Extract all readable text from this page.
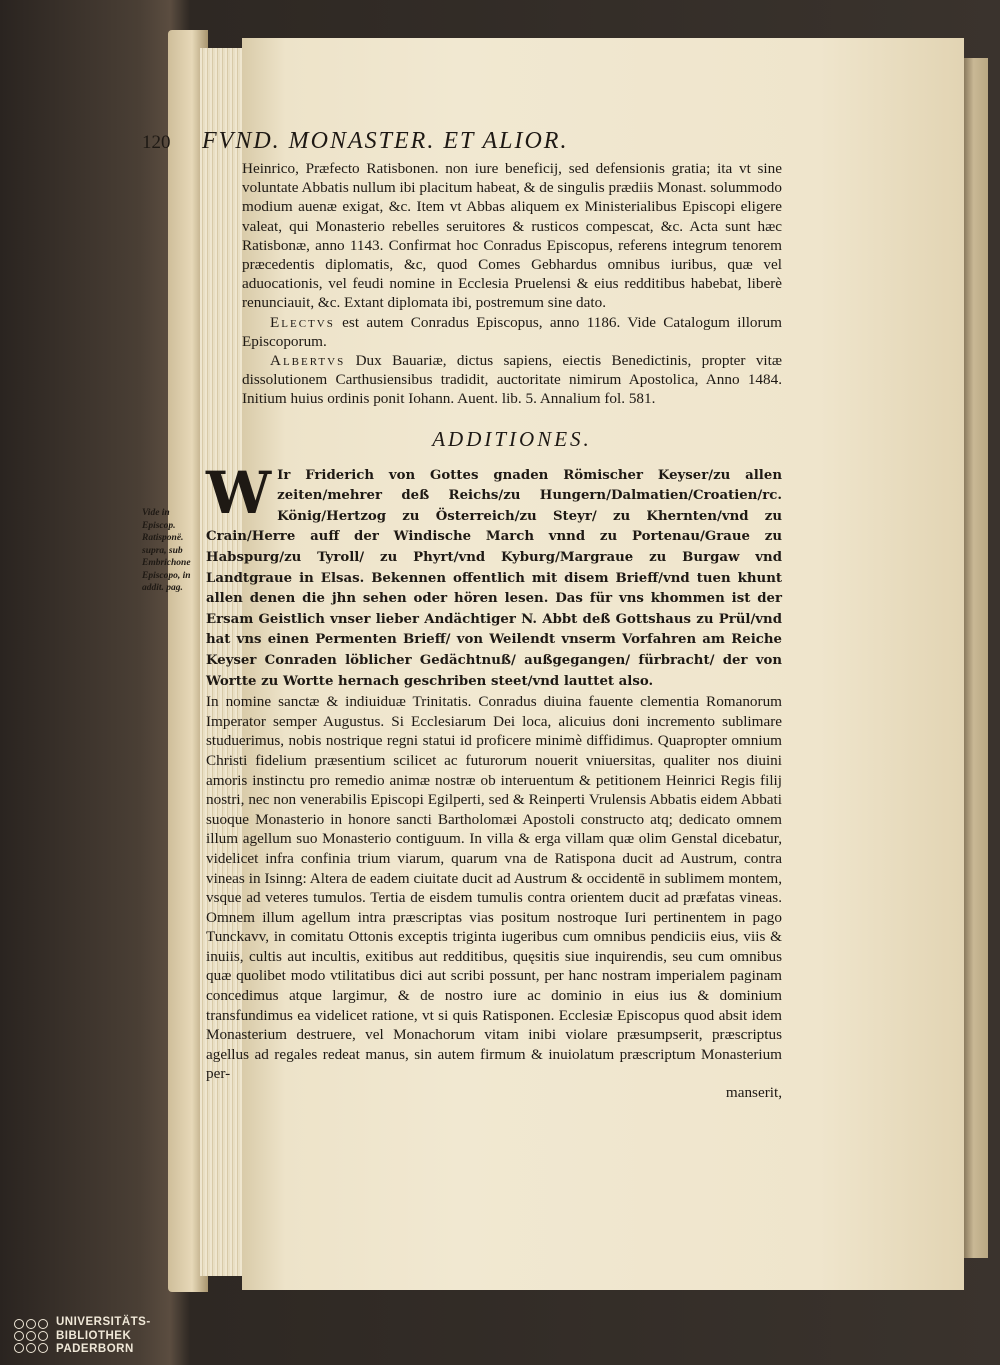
120	FVND. MONASTER. ET ALIOR.

Heinrico, Præfecto Ratisbonen. non iure beneficij, sed defensionis gratia; ita vt sine voluntate Abbatis nullum ibi placitum habeat, & de singulis prædiis Monast. solummodo modium auenæ exigat, &c. Item vt Abbas aliquem ex Ministerialibus Episcopi eligere valeat, qui Monasterio rebelles seruitores & rusticos compescat, &c. Acta sunt hæc Ratisbonæ, anno 1143. Confirmat hoc Conradus Episcopus, referens integrum tenorem præcedentis diplomatis, &c, quod Comes Gebhardus omnibus iuribus, quæ vel aduocationis, vel feudi nomine in Ecclesia Pruelensi & eius redditibus habebat, liberè renunciauit, &c. Extant diplomata ibi, postremum sine dato.

Electvs est autem Conradus Episcopus, anno 1186. Vide Catalogum illorum Episcoporum.

Albertvs Dux Bauariæ, dictus sapiens, eiectis Benedictinis, propter vitæ dissolutionem Carthusiensibus tradidit, auctoritate nimirum Apostolica, Anno 1484. Initium huius ordinis ponit Iohann. Auent. lib. 5. Annalium fol. 581.

ADDITIONES.
Vide in Episcop. Ratisponë. supra, sub Embrichone Episcopo, in addit. pag.
W Ir Friderich von Gottes gnaden Römischer Keyser/zu allen zeiten/mehrer deß Reichs/zu Hungern/Dalmatien/Croatien/rc. König/Hertzog zu Österreich/zu Steyr/ zu Khernten/vnd zu Crain/Herre auff der Windische March vnnd zu Portenau/Graue zu Habspurg/zu Tyroll/ zu Phyrt/vnd Kyburg/Margraue zu Burgaw vnd Landtgraue in Elsas. Bekennen offentlich mit disem Brieff/vnd tuen khunt allen denen die jhn sehen oder hören lesen. Das für vns khommen ist der Ersam Geistlich vnser lieber Andächtiger N. Abbt deß Gottshaus zu Prül/vnd hat vns einen Permenten Brieff/ von Weilendt vnserm Vorfahren am Reiche Keyser Conraden löblicher Gedächtnuß/ außgegangen/ fürbracht/ der von Wortte zu Wortte hernach geschriben steet/vnd lauttet also.
In nomine sanctæ & indiuiduæ Trinitatis. Conradus diuina fauente clementia Romanorum Imperator semper Augustus. Si Ecclesiarum Dei loca, alicuius doni incremento sublimare studuerimus, nobis nostrique regni statui id proficere minimè diffidimus. Quapropter omnium Christi fidelium præsentium scilicet ac futurorum nouerit vniuersitas, qualiter nos diuini amoris instinctu pro remedio animæ nostræ ob interuentum & petitionem Heinrici Regis filij nostri, nec non venerabilis Episcopi Egilperti, sed & Reinperti Vrulensis Abbatis eidem Abbati suoque Monasterio in honore sancti Bartholomæi Apostoli constructo atq; dedicato omnem illum agellum suo Monasterio contiguum. In villa & erga villam quæ olim Genstal dicebatur, videlicet infra confinia trium viarum, quarum vna de Ratispona ducit ad Austrum, contra vineas in Isinng: Altera de eadem ciuitate ducit ad Austrum & occidentē in sublimem montem, vsque ad veteres tumulos. Tertia de eisdem tumulis contra orientem ducit ad præfatas vineas. Omnem illum agellum intra præscriptas vias positum nostroque Iuri pertinentem in pago Tunckavv, in comitatu Ottonis exceptis triginta iugeribus cum omnibus pendiciis eius, viis & inuiis, cultis aut incultis, exitibus aut redditibus, quęsitis siue inquirendis, seu cum omnibus quæ quolibet modo vtilitatibus dici aut scribi possunt, per hanc nostram imperialem paginam concedimus atque largimur, & de nostro iure ac dominio in eius ius & dominium transfundimus ea videlicet ratione, vt si quis Ratisponen. Ecclesiæ Episcopus quod absit idem Monasterium destruere, vel Monachorum vitam inibi violare præsumpserit, præscriptus agellus ad regales redeat manus, sin autem firmum & inuiolatum præscriptum Monasterium per-
manserit,
UNIVERSITÄTS-
BIBLIOTHEK
PADERBORN
